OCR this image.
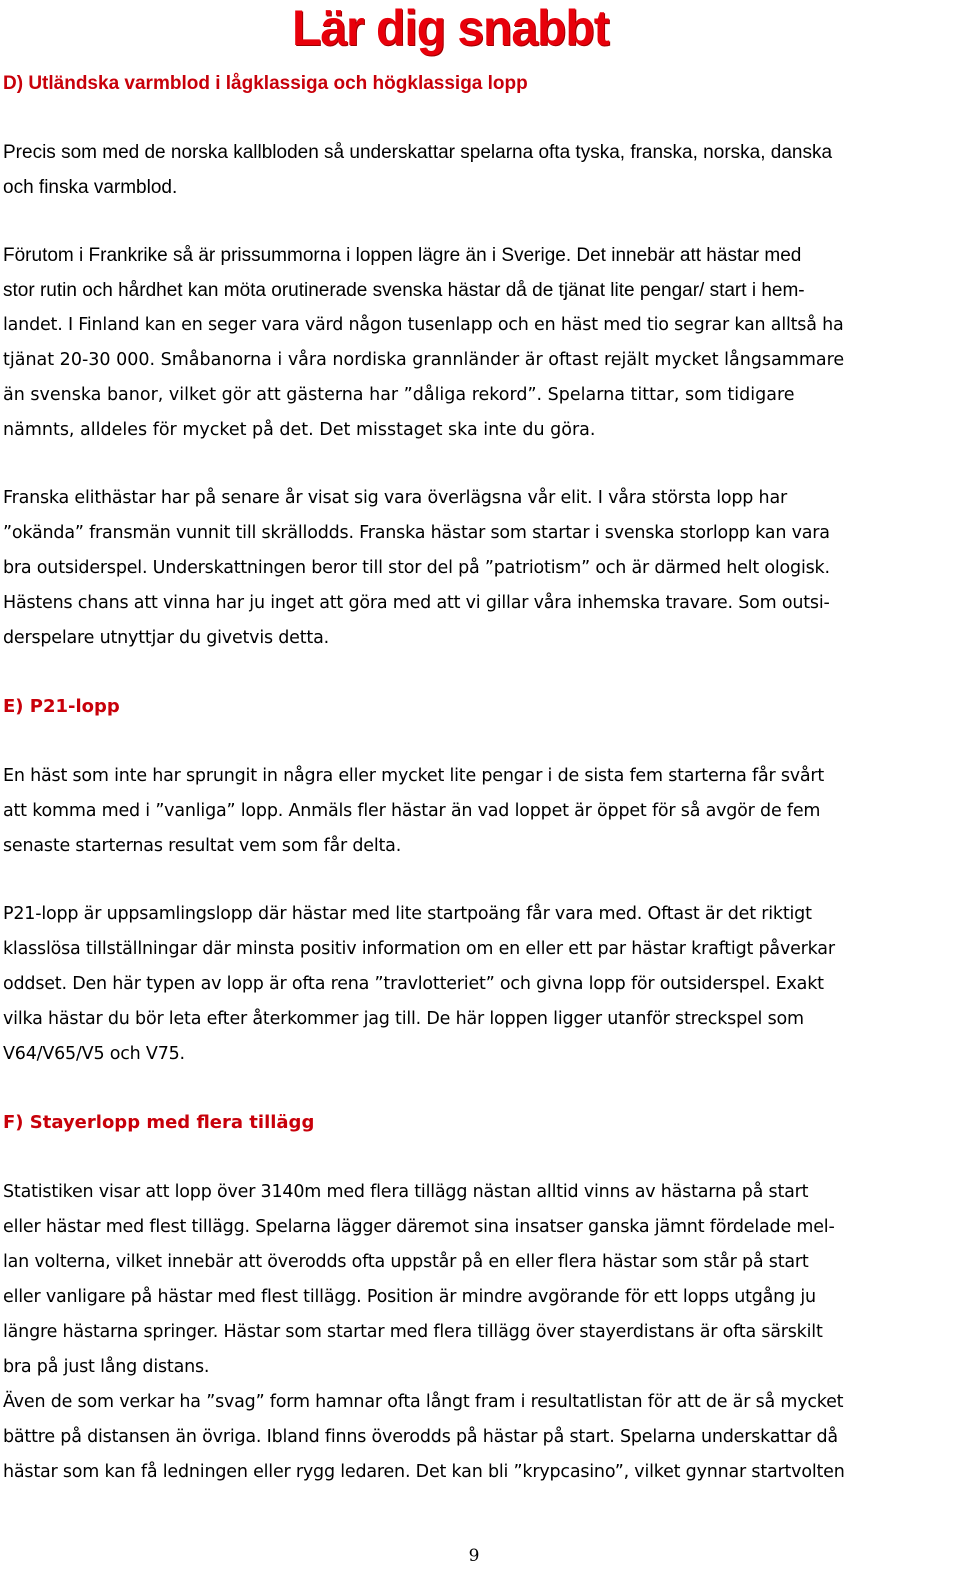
Lär dig snabbt
D) Utländska varmblod i lågklassiga och högklassiga lopp
Precis som med de norska kallbloden så underskattar spelarna ofta tyska, franska, norska, danska
och finska varmblod.
Förutom i Frankrike så är prissummorna i loppen lägre än i Sverige. Det innebär att hästar med
stor rutin och hårdhet kan möta orutinerade svenska hästar då de tjänat lite pengar/ start i hem-
landet. I Finland kan en seger vara värd någon tusenlapp och en häst med tio segrar kan alltså ha
tjänat 20-30 000. Småbanorna i våra nordiska grannländer är oftast rejält mycket långsammare
än svenska banor, vilket gör att gästerna har ”dåliga rekord”. Spelarna tittar, som tidigare
nämnts, alldeles för mycket på det. Det misstaget ska inte du göra.
Franska elithästar har på senare år visat sig vara överlägsna vår elit. I våra största lopp har
”okända” fransmän vunnit till skrällodds. Franska hästar som startar i svenska storlopp kan vara
bra outsiderspel. Underskattningen beror till stor del på ”patriotism” och är därmed helt ologisk.
Hästens chans att vinna har ju inget att göra med att vi gillar våra inhemska travare. Som outsi-
derspelare utnyttjar du givetvis detta.
E) P21-lopp
En häst som inte har sprungit in några eller mycket lite pengar i de sista fem starterna får svårt
att komma med i ”vanliga” lopp. Anmäls fler hästar än vad loppet är öppet för så avgör de fem
senaste starternas resultat vem som får delta.
P21-lopp är uppsamlingslopp där hästar med lite startpoäng får vara med. Oftast är det riktigt
klasslösa tillställningar där minsta positiv information om en eller ett par hästar kraftigt påverkar
oddset. Den här typen av lopp är ofta rena ”travlotteriet” och givna lopp för outsiderspel. Exakt
vilka hästar du bör leta efter återkommer jag till. De här loppen ligger utanför streckspel som
V64/V65/V5 och V75.
F) Stayerlopp med flera tillägg
Statistiken visar att lopp över 3140m med flera tillägg nästan alltid vinns av hästarna på start
eller hästar med flest tillägg. Spelarna lägger däremot sina insatser ganska jämnt fördelade mel-
lan volterna, vilket innebär att överodds ofta uppstår på en eller flera hästar som står på start
eller vanligare på hästar med flest tillägg. Position är mindre avgörande för ett lopps utgång ju
längre hästarna springer. Hästar som startar med flera tillägg över stayerdistans är ofta särskilt
bra på just lång distans.
Även de som verkar ha ”svag” form hamnar ofta långt fram i resultatlistan för att de är så mycket
bättre på distansen än övriga. Ibland finns överodds på hästar på start. Spelarna underskattar då
hästar som kan få ledningen eller rygg ledaren. Det kan bli ”krypcasino”, vilket gynnar startvolten
9
